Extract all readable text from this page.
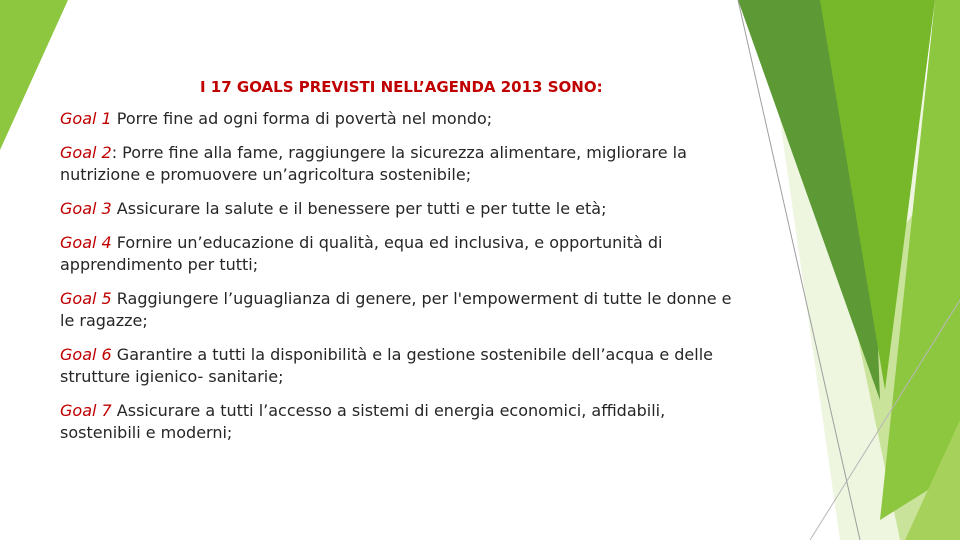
I 17 GOALS PREVISTI NELL’AGENDA 2013 SONO:
Goal 1 Porre fine ad ogni forma di povertà nel mondo;
Goal 2: Porre fine alla fame, raggiungere la sicurezza alimentare, migliorare la nutrizione e promuovere un’agricoltura sostenibile;
Goal 3 Assicurare la salute e il benessere per tutti e per tutte le età;
Goal 4 Fornire un’educazione di qualità, equa ed inclusiva, e opportunità di apprendimento per tutti;
Goal 5 Raggiungere l’uguaglianza di genere, per l'empowerment di tutte le donne e le ragazze;
Goal 6 Garantire a tutti la disponibilità e la gestione sostenibile dell’acqua e delle strutture igienico- sanitarie;
Goal 7 Assicurare a tutti l’accesso a sistemi di energia economici, affidabili, sostenibili e moderni;
